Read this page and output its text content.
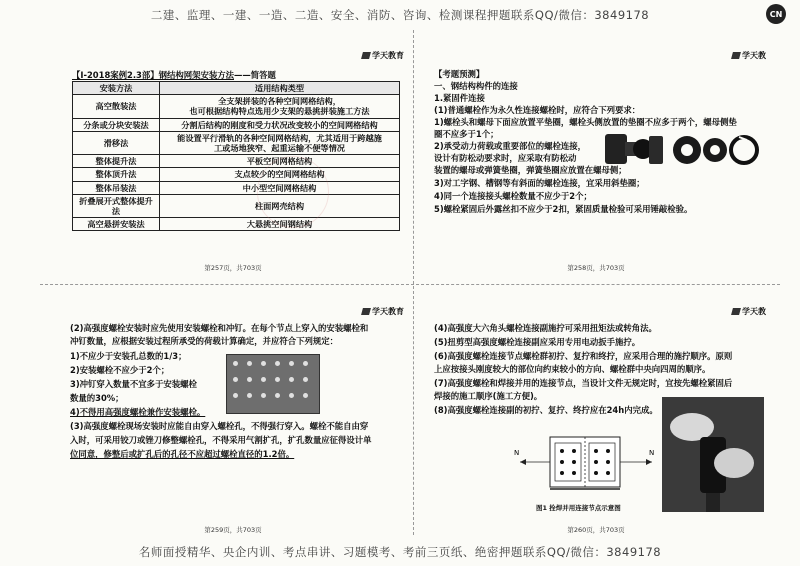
二建、监理、一建、一造、二造、安全、消防、咨询、检测课程押题联系QQ/微信：3849178	CN
学天教育
【Ⅰ-2018案例2.3部】钢结构网架安装方法——简答题
安装方法	适用结构类型
高空散装法	全支架拼装的各种空间网格结构，
也可根据结构特点选用少支架的悬挑拼装施工方法
分条或分块安装法	分割后结构的刚度和受力状况改变较小的空间网格结构
滑移法	能设置平行滑轨的各种空间网格结构，尤其适用于跨越施
工或场地狭窄、起重运输不便等情况
整体提升法	平板空间网格结构
整体顶升法	支点较少的空间网格结构
整体吊装法	中小型空间网格结构
折叠展开式整体提升法	柱面网壳结构
高空悬拼安装法	大悬挑空间钢结构
第257页，共703页
学天教
【考题预测】
一、钢结构构件的连接
1.紧固件连接
(1)普通螺栓作为永久性连接螺栓时，应符合下列要求：
1)螺栓头和螺母下面应放置平垫圈，螺栓头侧放置的垫圈不应多于两个，螺母侧垫
圈不应多于1个；
2)承受动力荷载或重要部位的螺栓连接，
设计有防松动要求时，应采取有防松动
装置的螺母或弹簧垫圈，弹簧垫圈应放置在螺母侧；
3)对工字钢、槽钢等有斜面的螺栓连接，宜采用斜垫圈；
4)同一个连接接头螺栓数量不应少于2个；
5)螺栓紧固后外露丝扣不应少于2扣，紧固质量检验可采用锤敲检验。
第258页，共703页
学天教育
(2)高强度螺栓安装时应先使用安装螺栓和冲钉。在每个节点上穿入的安装螺栓和
冲钉数量，应根据安装过程所承受的荷载计算确定，并应符合下列规定：
1)不应少于安装孔总数的1/3；
2)安装螺栓不应少于2个；
3)冲钉穿入数量不宜多于安装螺栓
数量的30%；
4)不得用高强度螺栓兼作安装螺栓。
(3)高强度螺栓现场安装时应能自由穿入螺栓孔，不得强行穿入。螺栓不能自由穿
入时，可采用铰刀或锉刀修整螺栓孔，不得采用气割扩孔，扩孔数量应征得设计单
位同意，修整后或扩孔后的孔径不应超过螺栓直径的1.2倍。
第259页，共703页
学天教
(4)高强度大六角头螺栓连接副施拧可采用扭矩法或转角法。
(5)扭剪型高强度螺栓连接副应采用专用电动扳手施拧。
(6)高强度螺栓连接节点螺栓群初拧、复拧和终拧，应采用合理的施拧顺序。原则
上应按接头刚度较大的部位向约束较小的方向、螺栓群中央向四周的顺序。
(7)高强度螺栓和焊接并用的连接节点，当设计文件无规定时，宜按先螺栓紧固后
焊接的施工顺序(施工方便)。
(8)高强度螺栓连接副的初拧、复拧、终拧应在24h内完成。
N	N
图1 拴焊并用连接节点示意图
第260页，共703页
名师面授精华、央企内训、考点串讲、习题模考、考前三页纸、绝密押题联系QQ/微信：3849178
